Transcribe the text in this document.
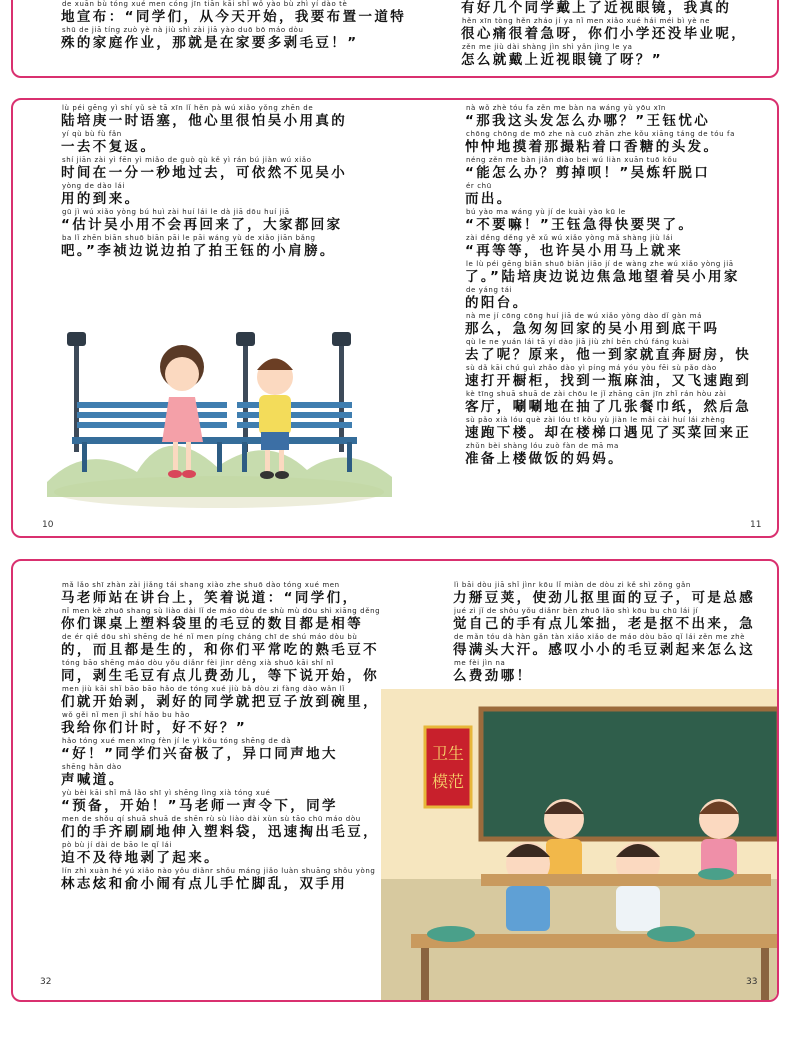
de xuān bù tóng xué men cóng jīn tiān kāi shǐ wǒ yào bù zhì yí dào tè
地宣布：“同学们，从今天开始，我要布置一道特
shū de jiā tíng zuò yè nà jiù shì zài jiā yào duō bō máo dòu
殊的家庭作业，那就是在家要多剥毛豆！”
有好几个同学戴上了近视眼镜，我真的
hěn xīn tòng hěn zháo jí ya nǐ men xiǎo xué hái méi bì yè ne
很心痛很着急呀，你们小学还没毕业呢，
zěn me jiù dài shàng jìn shì yǎn jìng le ya
怎么就戴上近视眼镜了呀？”
lù péi gēng yì shí yǔ sè tā xīn lǐ hěn pà wú xiǎo yǒng zhēn de
陆培庚一时语塞，他心里很怕吴小用真的
yí qù bù fù fǎn
一去不复返。
shí jiān zài yì fēn yì miǎo de guò qù kě yì rán bú jiàn wú xiǎo
时间在一分一秒地过去，可依然不见吴小
yòng de dào lái
用的到来。
gū jì wú xiǎo yòng bú huì zài huí lái le dà jiā dōu huí jiā
“估计吴小用不会再回来了，大家都回家
ba lǐ zhēn biān shuō biān pāi le pāi wáng yù de xiǎo jiān bǎng
吧。”李祯边说边拍了拍王钰的小肩膀。
nà wǒ zhè tóu fa zěn me bàn na wáng yù yōu xīn
“那我这头发怎么办哪？”王钰忧心
chōng chōng de mō zhe nà cuō zhān zhe kǒu xiāng táng de tóu fa
忡忡地摸着那撮粘着口香糖的头发。
néng zěn me bàn jiǎn diào bei wú liàn xuān tuō kǒu
“能怎么办？剪掉呗！”吴炼轩脱口
ér chū
而出。
bú yào ma wáng yù jí de kuài yào kū le
“不要嘛！”王钰急得快要哭了。
zài děng děng yě xǔ wú xiǎo yòng mǎ shàng jiù lái
“再等等，也许吴小用马上就来
le lù péi gēng biān shuō biān jiāo jí de wàng zhe wú xiǎo yòng jiā
了。”陆培庚边说边焦急地望着吴小用家
de yáng tái
的阳台。
nà me jí cōng cōng huí jiā de wú xiǎo yòng dào dǐ gàn má
那么，急匆匆回家的吴小用到底干吗
qù le ne yuán lái tā yí dào jiā jiù zhí bēn chú fáng kuài
去了呢？原来，他一到家就直奔厨房，快
sù dǎ kāi chú guì zhǎo dào yì píng má yóu yòu fēi sù pǎo dào
速打开橱柜，找到一瓶麻油，又飞速跑到
kè tīng shuā shuā de zài chōu le jǐ zhāng cān jīn zhǐ rán hòu zài
客厅，唰唰地在抽了几张餐巾纸，然后急
sù pǎo xià lóu què zài lóu tī kǒu yù jiàn le mǎi cài huí lái zhèng
速跑下楼。却在楼梯口遇见了买菜回来正
zhǔn bèi shàng lóu zuò fàn de mā ma
准备上楼做饭的妈妈。
10	11
mǎ lǎo shī zhàn zài jiǎng tái shang xiào zhe shuō dào tóng xué men
马老师站在讲台上，笑着说道：“同学们，
nǐ men kě zhuō shang sù liào dài lǐ de máo dòu de shù mù dōu shì xiāng děng
你们课桌上塑料袋里的毛豆的数目都是相等
de ér qiě dōu shì shēng de hé nǐ men píng cháng chī de shú máo dòu bù
的，而且都是生的，和你们平常吃的熟毛豆不
tóng bāo shēng máo dòu yǒu diǎnr fèi jìnr děng xià shuō kāi shǐ nǐ
同，剥生毛豆有点儿费劲儿，等下说开始，你
men jiù kāi shǐ bāo bāo hǎo de tóng xué jiù bǎ dòu zi fàng dào wǎn lǐ
们就开始剥，剥好的同学就把豆子放到碗里，
wǒ gěi nǐ men jì shí hǎo bu hǎo
我给你们计时，好不好？”
hǎo tóng xué men xīng fèn jí le yì kǒu tóng shēng de dà
“好！”同学们兴奋极了，异口同声地大
shēng hǎn dào
声喊道。
yù bèi kāi shǐ mǎ lǎo shī yì shēng lìng xià tóng xué
“预备，开始！”马老师一声令下，同学
men de shǒu qí shuā shuā de shēn rù sù liào dài xùn sù tāo chū máo dòu
们的手齐刷刷地伸入塑料袋，迅速掏出毛豆，
pò bù jí dài de bāo le qǐ lái
迫不及待地剥了起来。
lín zhì xuàn hé yú xiǎo nào yǒu diǎnr shǒu máng jiǎo luàn shuāng shǒu yòng
林志炫和俞小闹有点儿手忙脚乱，双手用
lì bāi dòu jiā shǐ jìnr kōu lǐ miàn de dòu zi kě shì zǒng gǎn
力掰豆荚，使劲儿抠里面的豆子，可是总感
jué zì jǐ de shǒu yǒu diǎnr bèn zhuō lǎo shì kōu bu chū lái jí
觉自己的手有点儿笨拙，老是抠不出来，急
de mǎn tóu dà hàn gǎn tàn xiǎo xiǎo de máo dòu bāo qǐ lái zěn me zhè
得满头大汗。感叹小小的毛豆剥起来怎么这
me fèi jìn na
么费劲哪！
卫生
模范
32	33
